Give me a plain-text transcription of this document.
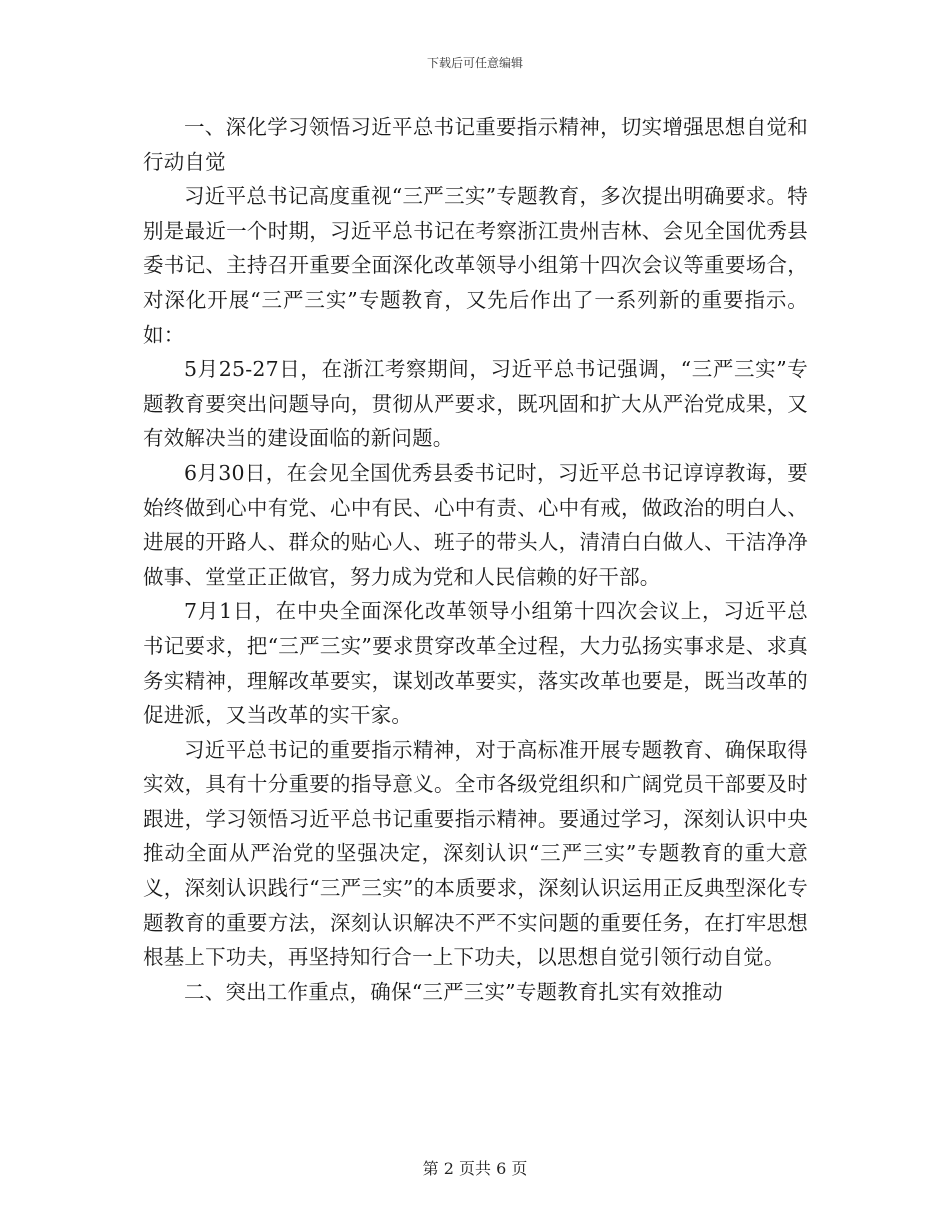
下载后可任意编辑

一、深化学习领悟习近平总书记重要指示精神，切实增强思想自觉和行动自觉

习近平总书记高度重视“三严三实”专题教育，多次提出明确要求。特别是最近一个时期，习近平总书记在考察浙江贵州吉林、会见全国优秀县委书记、主持召开重要全面深化改革领导小组第十四次会议等重要场合，对深化开展“三严三实”专题教育，又先后作出了一系列新的重要指示。如：

5月25-27日，在浙江考察期间，习近平总书记强调，“三严三实”专题教育要突出问题导向，贯彻从严要求，既巩固和扩大从严治党成果，又有效解决当的建设面临的新问题。

6月30日，在会见全国优秀县委书记时，习近平总书记谆谆教诲，要始终做到心中有党、心中有民、心中有责、心中有戒，做政治的明白人、进展的开路人、群众的贴心人、班子的带头人，清清白白做人、干洁净净做事、堂堂正正做官，努力成为党和人民信赖的好干部。

7月1日，在中央全面深化改革领导小组第十四次会议上，习近平总书记要求，把“三严三实”要求贯穿改革全过程，大力弘扬实事求是、求真务实精神，理解改革要实，谋划改革要实，落实改革也要是，既当改革的促进派，又当改革的实干家。

习近平总书记的重要指示精神，对于高标准开展专题教育、确保取得实效，具有十分重要的指导意义。全市各级党组织和广阔党员干部要及时跟进，学习领悟习近平总书记重要指示精神。要通过学习，深刻认识中央推动全面从严治党的坚强决定，深刻认识“三严三实”专题教育的重大意义，深刻认识践行“三严三实”的本质要求，深刻认识运用正反典型深化专题教育的重要方法，深刻认识解决不严不实问题的重要任务，在打牢思想根基上下功夫，再坚持知行合一上下功夫，以思想自觉引领行动自觉。

二、突出工作重点，确保“三严三实”专题教育扎实有效推动

第 2 页共 6 页
